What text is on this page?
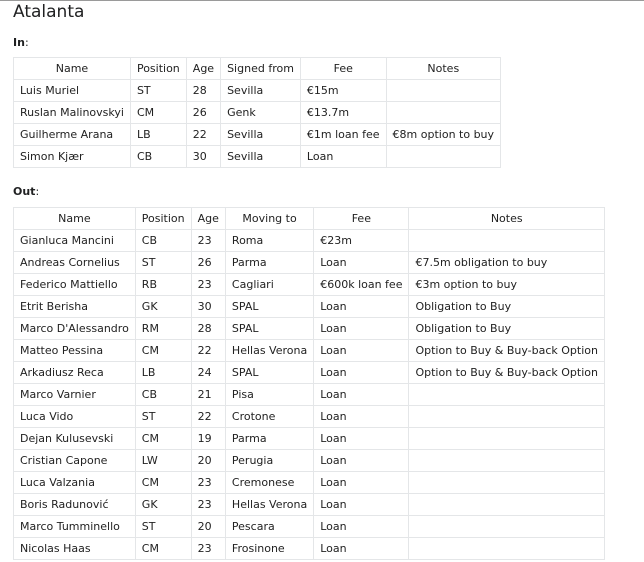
Atalanta
In:
Name	Position	Age	Signed from	Fee	Notes
Luis Muriel	ST	28	Sevilla	€15m	
Ruslan Malinovskyi	CM	26	Genk	€13.7m	
Guilherme Arana	LB	22	Sevilla	€1m loan fee	€8m option to buy
Simon Kjær	CB	30	Sevilla	Loan	
Out:
Name	Position	Age	Moving to	Fee	Notes
Gianluca Mancini	CB	23	Roma	€23m	
Andreas Cornelius	ST	26	Parma	Loan	€7.5m obligation to buy
Federico Mattiello	RB	23	Cagliari	€600k loan fee	€3m option to buy
Etrit Berisha	GK	30	SPAL	Loan	Obligation to Buy
Marco D'Alessandro	RM	28	SPAL	Loan	Obligation to Buy
Matteo Pessina	CM	22	Hellas Verona	Loan	Option to Buy & Buy-back Option
Arkadiusz Reca	LB	24	SPAL	Loan	Option to Buy & Buy-back Option
Marco Varnier	CB	21	Pisa	Loan	
Luca Vido	ST	22	Crotone	Loan	
Dejan Kulusevski	CM	19	Parma	Loan	
Cristian Capone	LW	20	Perugia	Loan	
Luca Valzania	CM	23	Cremonese	Loan	
Boris Radunović	GK	23	Hellas Verona	Loan	
Marco Tumminello	ST	20	Pescara	Loan	
Nicolas Haas	CM	23	Frosinone	Loan	
